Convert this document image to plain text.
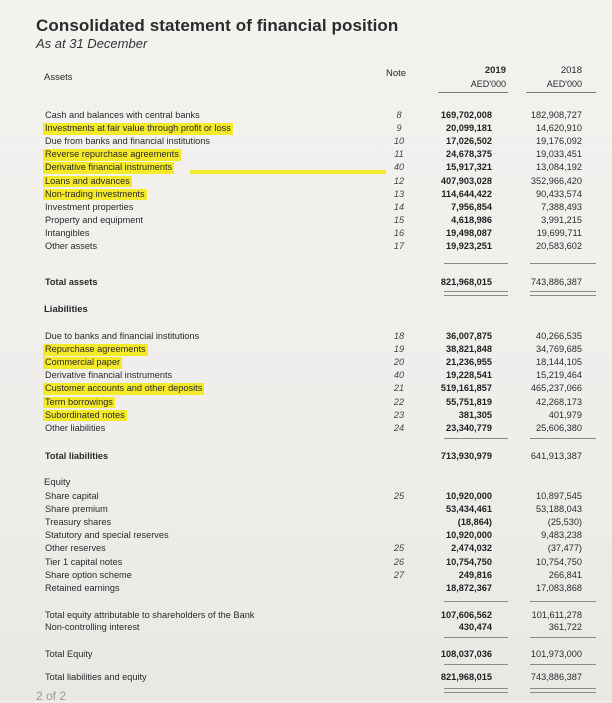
Consolidated statement of financial position
As at 31 December
Assets	Note	2019	2018
AED'000	AED'000
Cash and balances with central banks	8	169,702,008	182,908,727
Investments at fair value through profit or loss	9	20,099,181	14,620,910
Due from banks and financial institutions	10	17,026,502	19,176,092
Reverse repurchase agreements	11	24,678,375	19,033,451
Derivative financial instruments	40	15,917,321	13,084,192
Loans and advances	12	407,903,028	352,966,420
Non-trading investments	13	114,644,422	90,433,574
Investment properties	14	7,956,854	7,388,493
Property and equipment	15	4,618,986	3,991,215
Intangibles	16	19,498,087	19,699,711
Other assets	17	19,923,251	20,583,602
Total assets	821,968,015	743,886,387
Liabilities
Due to banks and financial institutions	18	36,007,875	40,266,535
Repurchase agreements	19	38,821,848	34,769,685
Commercial paper	20	21,236,955	18,144,105
Derivative financial instruments	40	19,228,541	15,219,464
Customer accounts and other deposits	21	519,161,857	465,237,066
Term borrowings	22	55,751,819	42,268,173
Subordinated notes	23	381,305	401,979
Other liabilities	24	23,340,779	25,606,380
Total liabilities	713,930,979	641,913,387
Equity
Share capital	25	10,920,000	10,897,545
Share premium	53,434,461	53,188,043
Treasury shares	(18,864)	(25,530)
Statutory and special reserves	10,920,000	9,483,238
Other reserves	25	2,474,032	(37,477)
Tier 1 capital notes	26	10,754,750	10,754,750
Share option scheme	27	249,816	266,841
Retained earnings	18,872,367	17,083,868
Total equity attributable to shareholders of the Bank	107,606,562	101,611,278
Non-controlling interest	430,474	361,722
Total Equity	108,037,036	101,973,000
Total liabilities and equity	821,968,015	743,886,387
2 of 2
